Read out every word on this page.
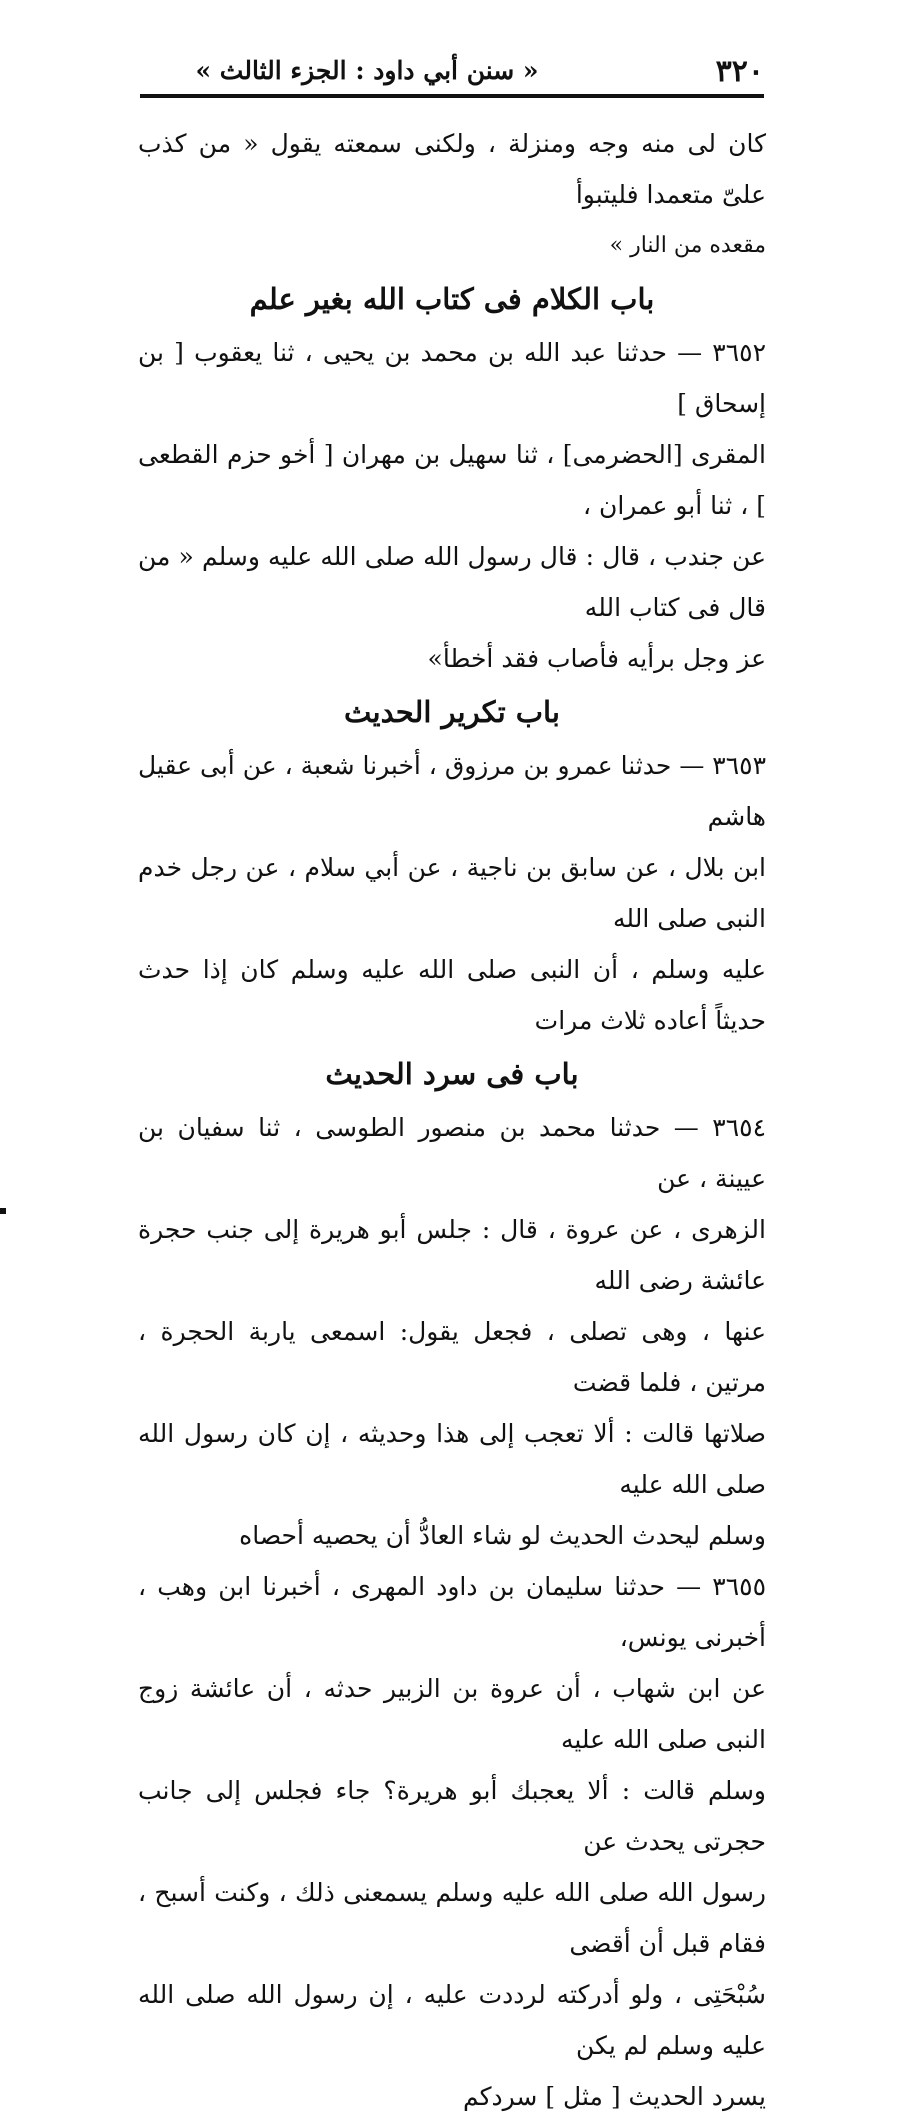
٣٢٠
« سنن أبي داود : الجزء الثالث »

كان لى منه وجه ومنزلة ، ولكنى سمعته يقول « من كذب علىّ متعمدا فليتبوأ

مقعده من النار »

باب الكلام فى كتاب الله بغير علم

٣٦٥٢ — حدثنا عبد الله بن محمد بن يحيى ، ثنا يعقوب [ بن إسحاق ]

المقرى [الحضرمى] ، ثنا سهيل بن مهران [ أخو حزم القطعى ] ، ثنا أبو عمران ،

عن جندب ، قال : قال رسول الله صلى الله عليه وسلم « من قال فى كتاب الله

عز وجل برأيه فأصاب فقد أخطأ»

باب تكرير الحديث

٣٦٥٣ — حدثنا عمرو بن مرزوق ، أخبرنا شعبة ، عن أبى عقيل هاشم

ابن بلال ، عن سابق بن ناجية ، عن أبي سلام ، عن رجل خدم النبى صلى الله

عليه وسلم ، أن النبى صلى الله عليه وسلم كان إذا حدث حديثاً أعاده ثلاث مرات

باب فى سرد الحديث

٣٦٥٤ — حدثنا محمد بن منصور الطوسى ، ثنا سفيان بن عيينة ، عن

الزهرى ، عن عروة ، قال : جلس أبو هريرة إلى جنب حجرة عائشة رضى الله

عنها ، وهى تصلى ، فجعل يقول: اسمعى ياربة الحجرة ، مرتين ، فلما قضت

صلاتها قالت : ألا تعجب إلى هذا وحديثه ، إن كان رسول الله صلى الله عليه

وسلم ليحدث الحديث لو شاء العادُّ أن يحصيه أحصاه

٣٦٥٥ — حدثنا سليمان بن داود المهرى ، أخبرنا ابن وهب ، أخبرنى يونس،

عن ابن شهاب ، أن عروة بن الزبير حدثه ، أن عائشة زوج النبى صلى الله عليه

وسلم قالت : ألا يعجبك أبو هريرة؟ جاء فجلس إلى جانب حجرتى يحدث عن

رسول الله صلى الله عليه وسلم يسمعنى ذلك ، وكنت أسبح ، فقام قبل أن أقضى

سُبْحَتِى ، ولو أدركته لرددت عليه ، إن رسول الله صلى الله عليه وسلم لم يكن

يسرد الحديث [ مثل ] سردكم
